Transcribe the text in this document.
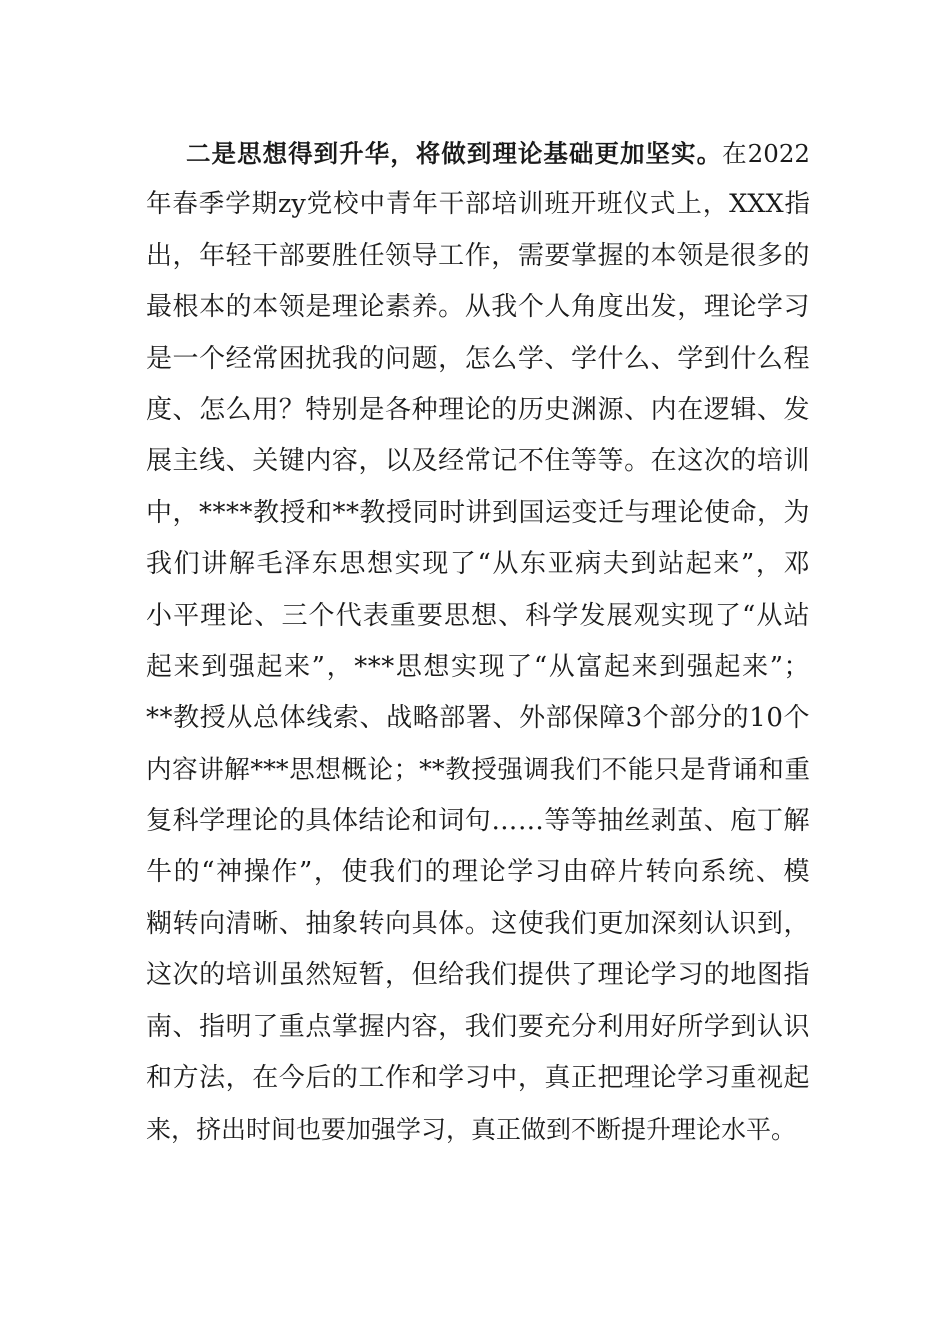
二是思想得到升华，将做到理论基础更加坚实。在2022
年春季学期zy党校中青年干部培训班开班仪式上，XXX指
出，年轻干部要胜任领导工作，需要掌握的本领是很多的
最根本的本领是理论素养。从我个人角度出发，理论学习
是一个经常困扰我的问题，怎么学、学什么、学到什么程
度、怎么用？特别是各种理论的历史渊源、内在逻辑、发
展主线、关键内容，以及经常记不住等等。在这次的培训
中，****教授和**教授同时讲到国运变迁与理论使命，为
我们讲解毛泽东思想实现了“从东亚病夫到站起来”，邓
小平理论、三个代表重要思想、科学发展观实现了“从站
起来到强起来”，***思想实现了“从富起来到强起来”；
**教授从总体线索、战略部署、外部保障3个部分的10个
内容讲解***思想概论；**教授强调我们不能只是背诵和重
复科学理论的具体结论和词句……等等抽丝剥茧、庖丁解
牛的“神操作”，使我们的理论学习由碎片转向系统、模
糊转向清晰、抽象转向具体。这使我们更加深刻认识到，
这次的培训虽然短暂，但给我们提供了理论学习的地图指
南、指明了重点掌握内容，我们要充分利用好所学到认识
和方法，在今后的工作和学习中，真正把理论学习重视起
来，挤出时间也要加强学习，真正做到不断提升理论水平。
